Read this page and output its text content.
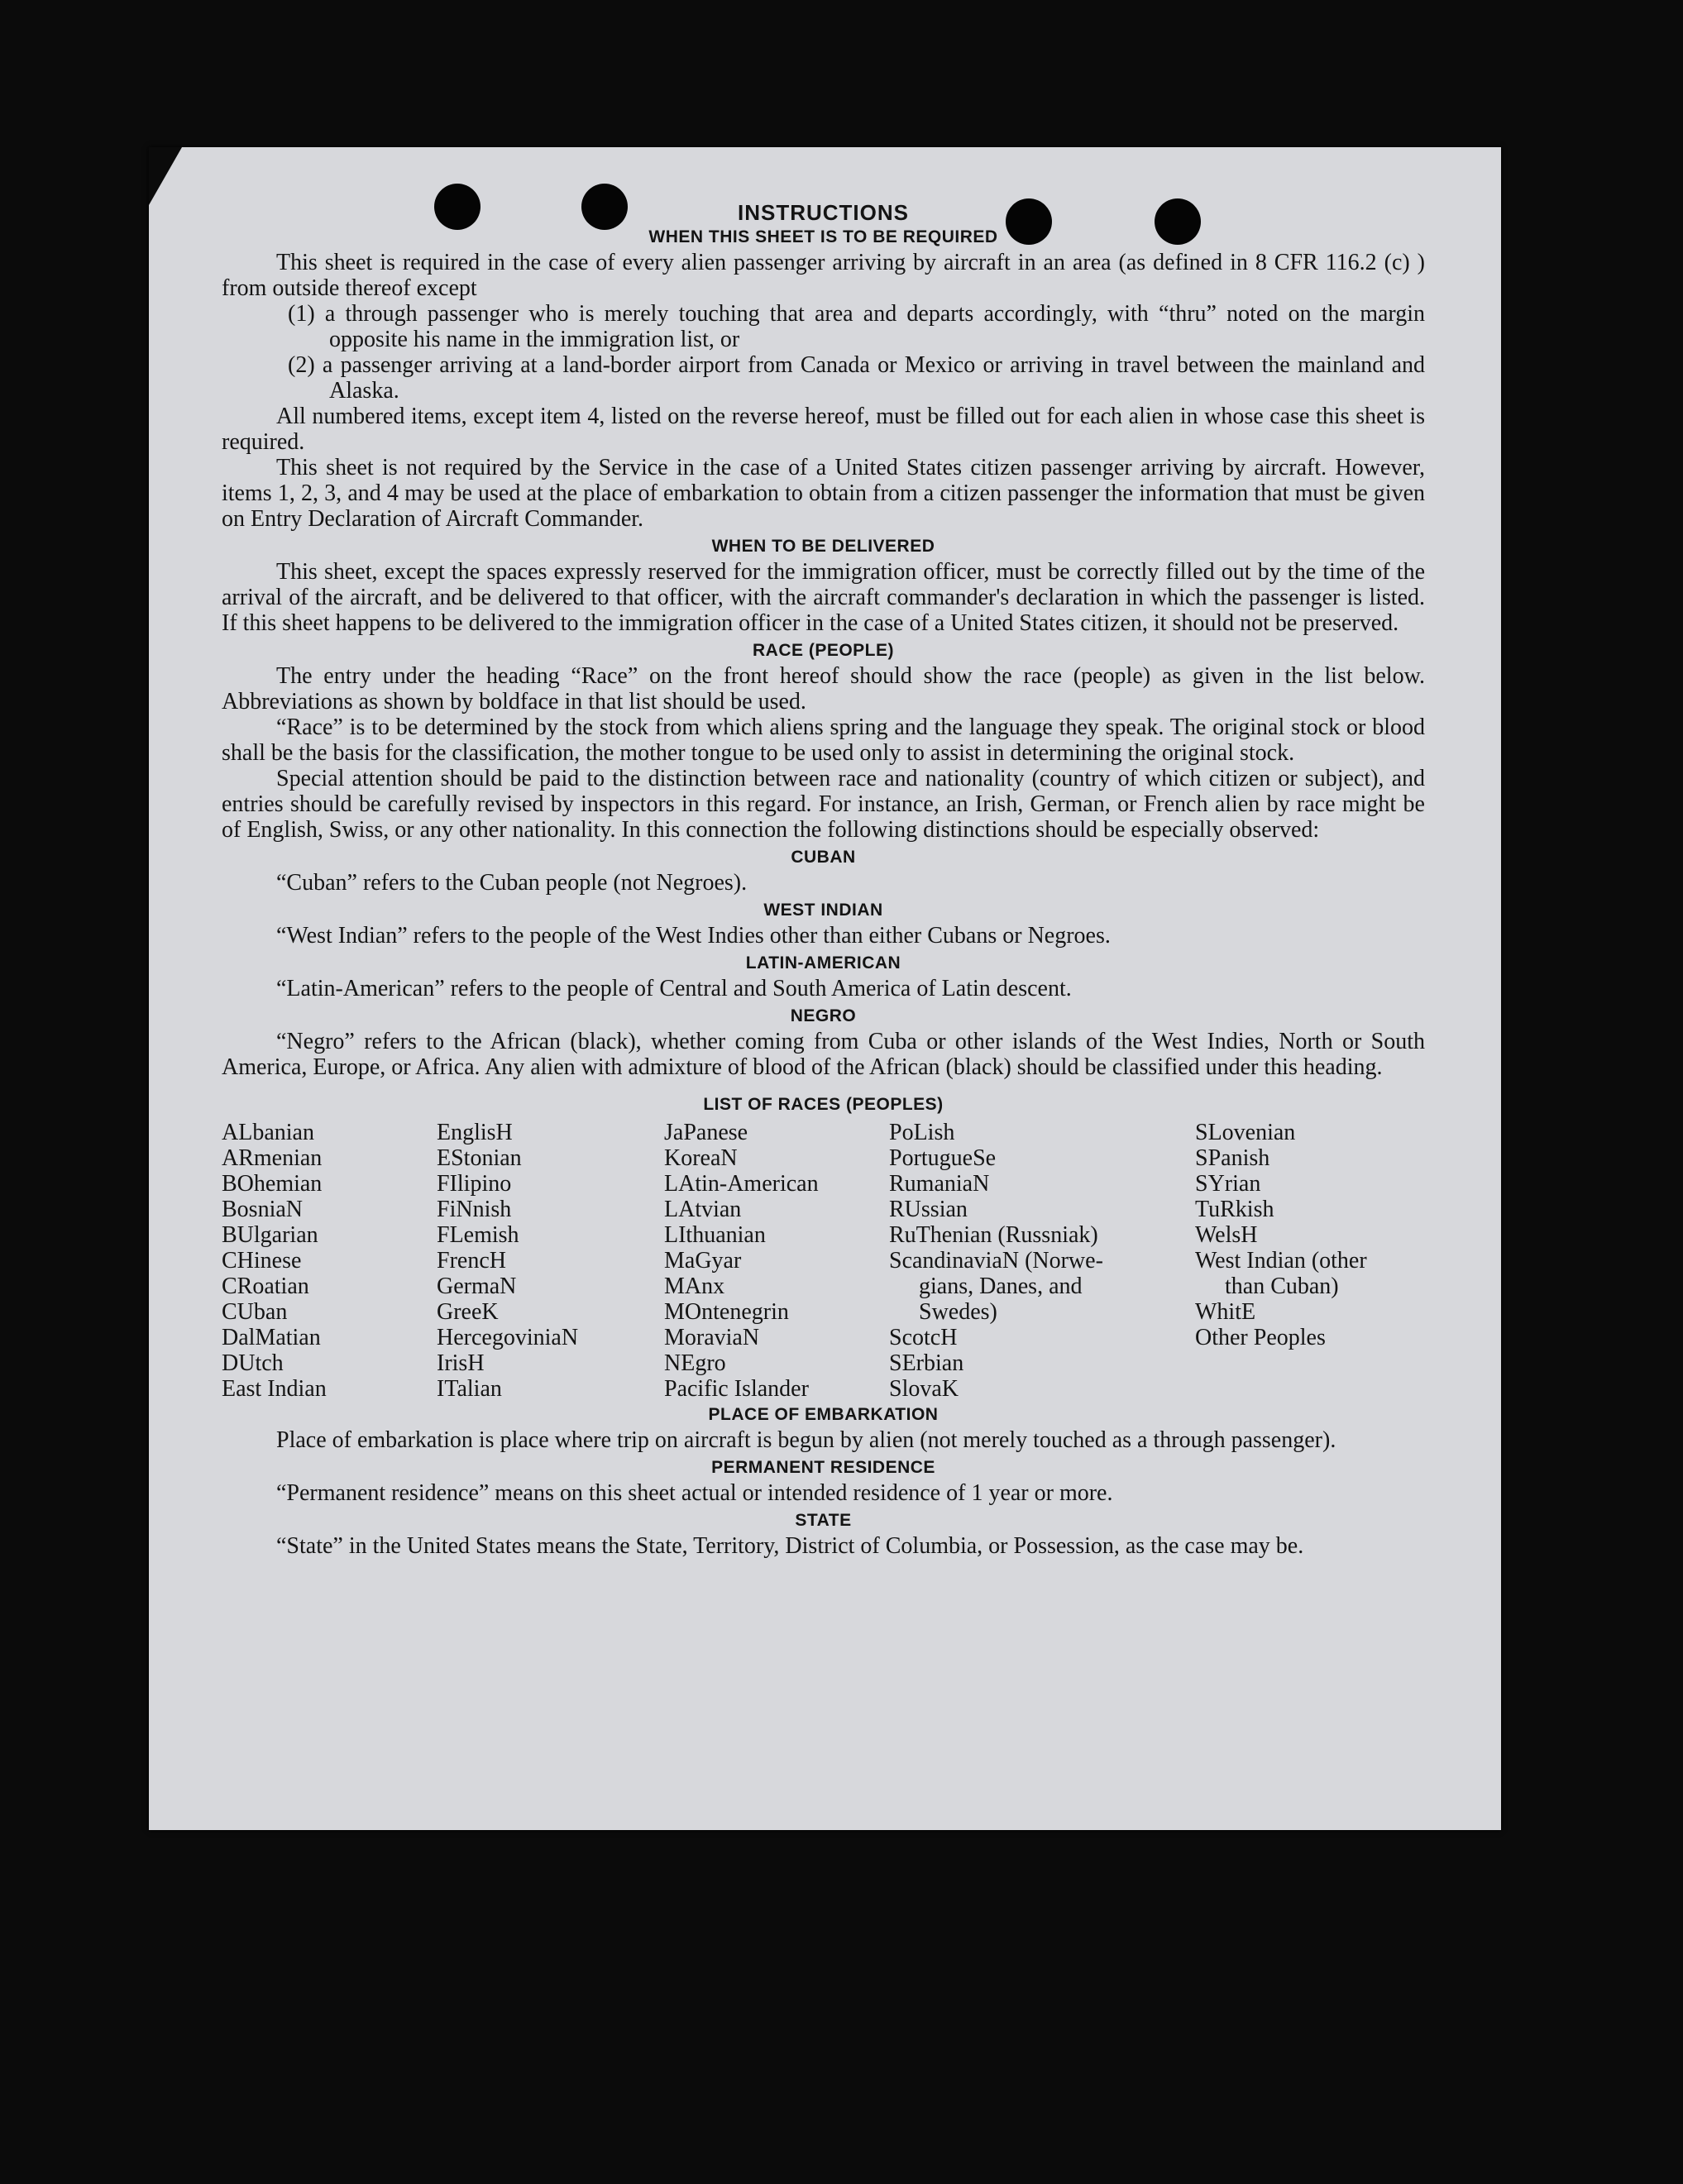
INSTRUCTIONS
WHEN THIS SHEET IS TO BE REQUIRED

This sheet is required in the case of every alien passenger arriving by aircraft in an area (as defined in 8 CFR 116.2 (c) ) from outside thereof except

(1) a through passenger who is merely touching that area and departs accordingly, with “thru” noted on the margin opposite his name in the immigration list, or

(2) a passenger arriving at a land-border airport from Canada or Mexico or arriving in travel between the mainland and Alaska.

All numbered items, except item 4, listed on the reverse hereof, must be filled out for each alien in whose case this sheet is required.

This sheet is not required by the Service in the case of a United States citizen passenger arriving by aircraft. However, items 1, 2, 3, and 4 may be used at the place of embarkation to obtain from a citizen passenger the information that must be given on Entry Declaration of Aircraft Commander.

WHEN TO BE DELIVERED

This sheet, except the spaces expressly reserved for the immigration officer, must be correctly filled out by the time of the arrival of the aircraft, and be delivered to that officer, with the aircraft commander's declaration in which the passenger is listed. If this sheet happens to be delivered to the immigration officer in the case of a United States citizen, it should not be preserved.

RACE (PEOPLE)

The entry under the heading “Race” on the front hereof should show the race (people) as given in the list below. Abbreviations as shown by boldface in that list should be used.

“Race” is to be determined by the stock from which aliens spring and the language they speak. The original stock or blood shall be the basis for the classification, the mother tongue to be used only to assist in determining the original stock.

Special attention should be paid to the distinction between race and nationality (country of which citizen or subject), and entries should be carefully revised by inspectors in this regard. For instance, an Irish, German, or French alien by race might be of English, Swiss, or any other nationality. In this connection the following distinctions should be especially observed:

CUBAN

“Cuban” refers to the Cuban people (not Negroes).

WEST INDIAN

“West Indian” refers to the people of the West Indies other than either Cubans or Negroes.

LATIN-AMERICAN

“Latin-American” refers to the people of Central and South America of Latin descent.

NEGRO

“Negro” refers to the African (black), whether coming from Cuba or other islands of the West Indies, North or South America, Europe, or Africa. Any alien with admixture of blood of the African (black) should be classified under this heading.

LIST OF RACES (PEOPLES)
ALbanian
ARmenian
BOhemian
BosniaN
BUlgarian
CHinese
CRoatian
CUban
DalMatian
DUtch
East Indian
EnglisH
EStonian
FIlipino
FiNnish
FLemish
FrencH
GermaN
GreeK
HercegoviniaN
IrisH
ITalian
JaPanese
KoreaN
LAtin-American
LAtvian
LIthuanian
MaGyar
MAnx
MOntenegrin
MoraviaN
NEgro
Pacific Islander
PoLish
PortugueSe
RumaniaN
RUssian
RuThenian (Russniak)
ScandinaviaN (Norwe-
gians, Danes, and
Swedes)
ScotcH
SErbian
SlovaK
SLovenian
SPanish
SYrian
TuRkish
WelsH
West Indian (other
than Cuban)
WhitE
Other Peoples
PLACE OF EMBARKATION

Place of embarkation is place where trip on aircraft is begun by alien (not merely touched as a through passenger).

PERMANENT RESIDENCE

“Permanent residence” means on this sheet actual or intended residence of 1 year or more.

STATE

“State” in the United States means the State, Territory, District of Columbia, or Possession, as the case may be.
